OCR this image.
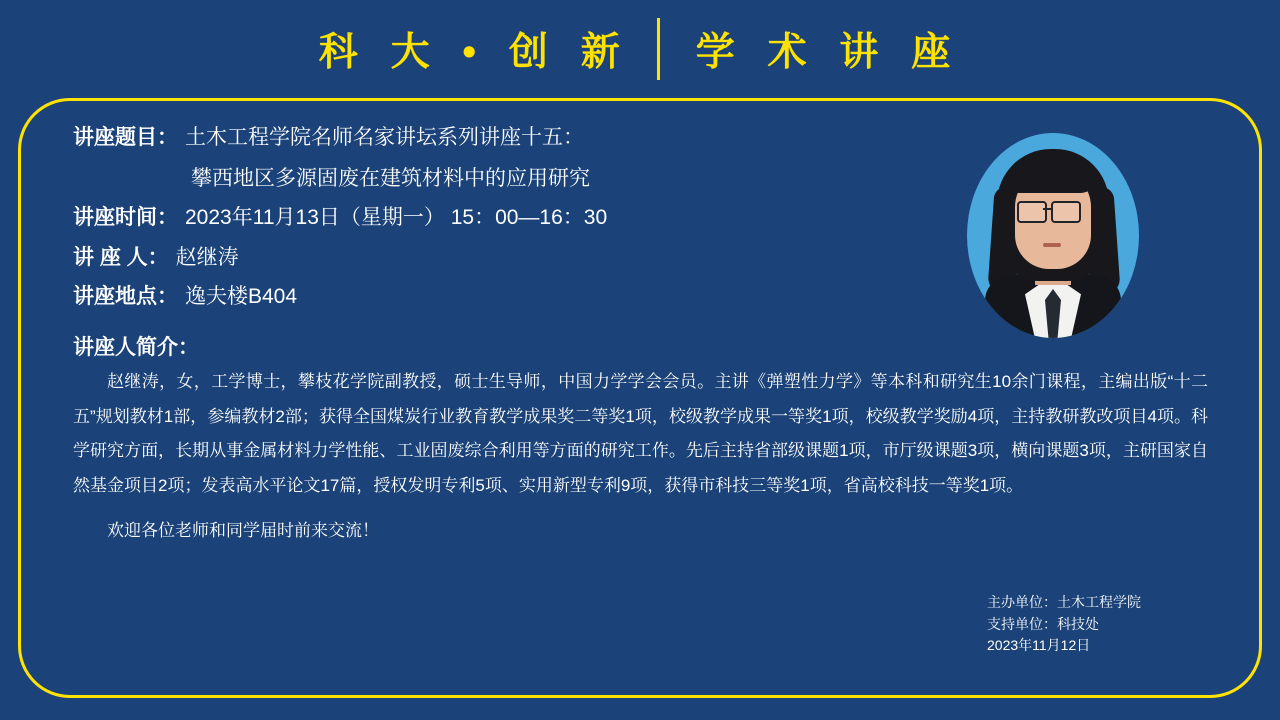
科 大 • 创 新 学 术 讲 座
讲座题目： 土木工程学院名师名家讲坛系列讲座十五：
攀西地区多源固废在建筑材料中的应用研究
讲座时间： 2023年11月13日（星期一） 15：00—16：30
讲 座 人： 赵继涛
讲座地点： 逸夫楼B404
讲座人简介：
赵继涛，女，工学博士，攀枝花学院副教授，硕士生导师，中国力学学会会员。主讲《弹塑性力学》等本科和研究生10余门课程，主编出版“十二五”规划教材1部，参编教材2部；获得全国煤炭行业教育教学成果奖二等奖1项，校级教学成果一等奖1项，校级教学奖励4项，主持教研教改项目4项。科学研究方面，长期从事金属材料力学性能、工业固废综合利用等方面的研究工作。先后主持省部级课题1项，市厅级课题3项，横向课题3项，主研国家自然基金项目2项；发表高水平论文17篇，授权发明专利5项、实用新型专利9项，获得市科技三等奖1项，省高校科技一等奖1项。
欢迎各位老师和同学届时前来交流！
主办单位：土木工程学院
支持单位：科技处
2023年11月12日
